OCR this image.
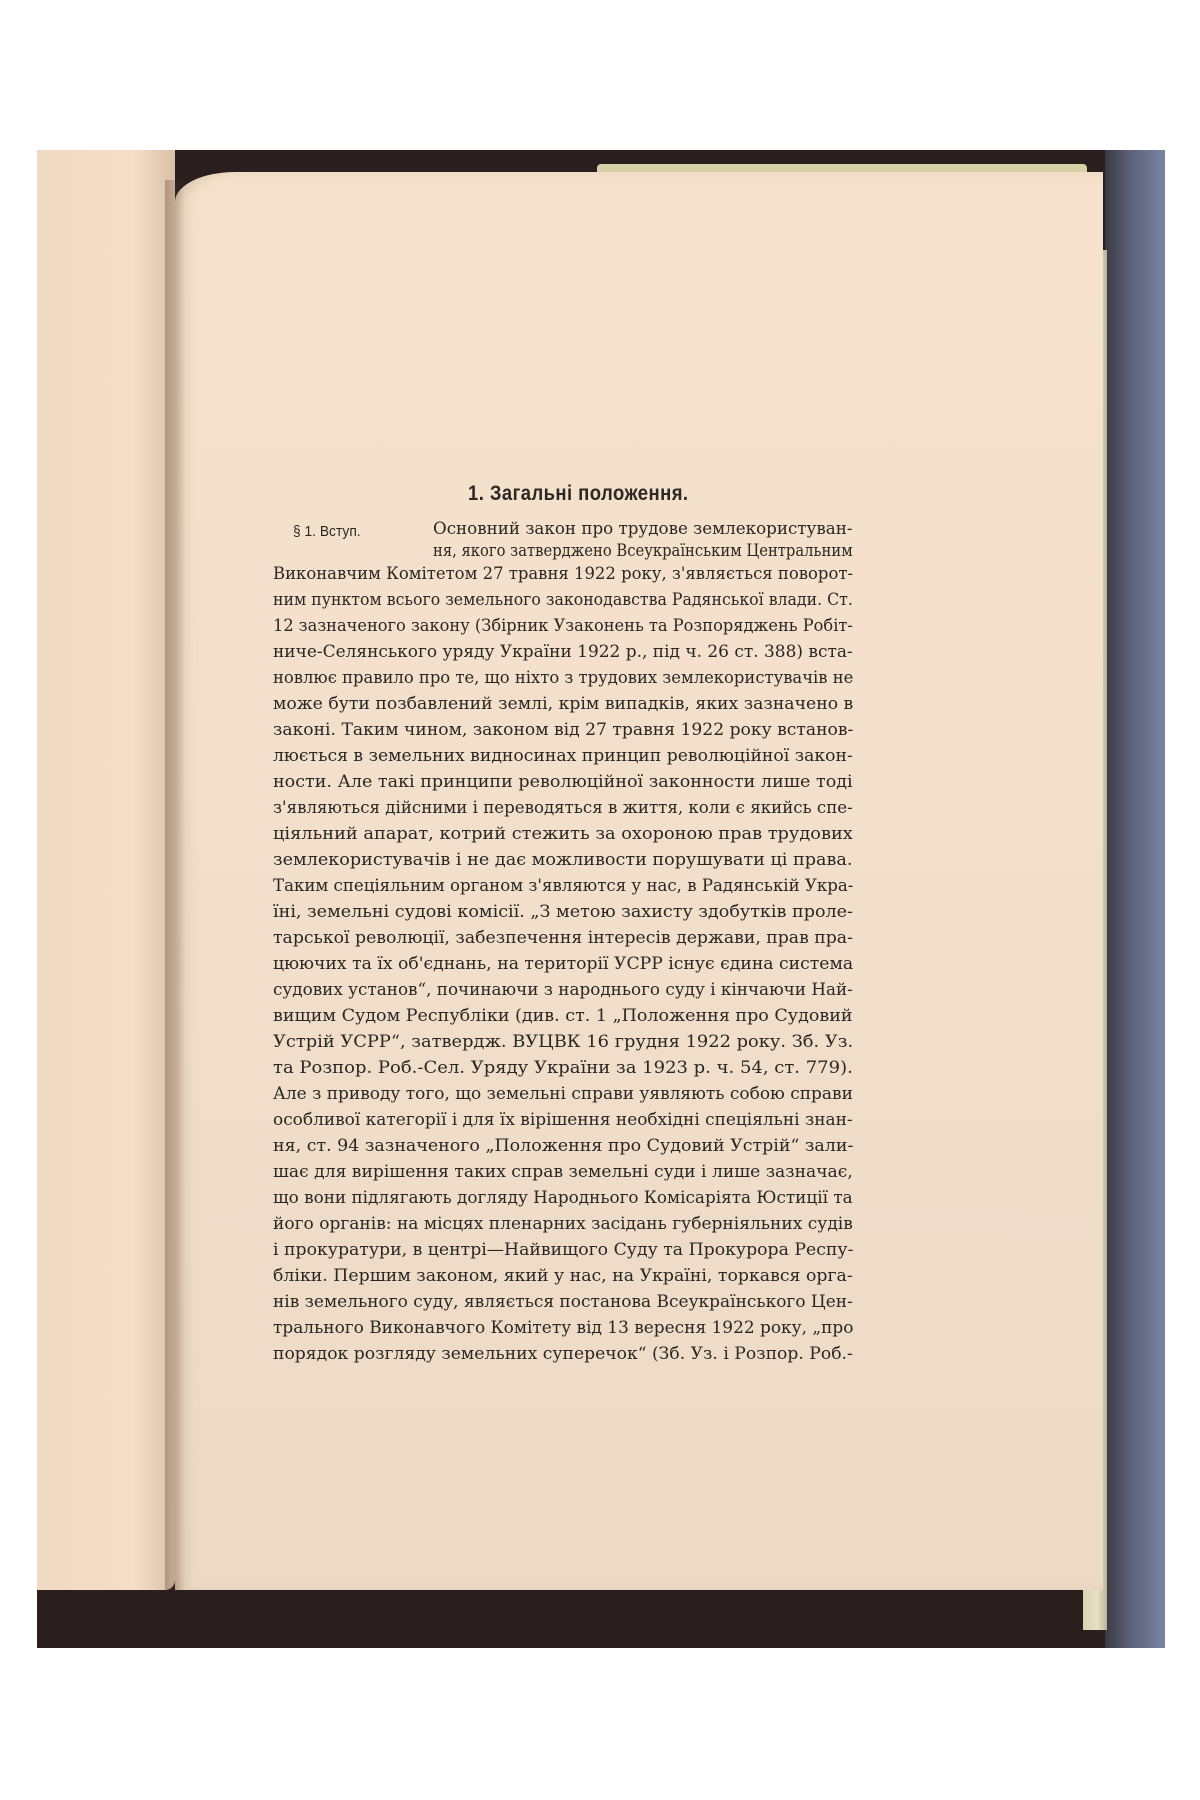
1. Загальні положення.
§ 1. Вступ.	Основний закон про трудове землекористуван-
ня, якого затверджено Всеукраїнським Центральним
Виконавчим Комітетом 27 травня 1922 року, з'являється поворот-
ним пунктом всього земельного законодавства Радянської влади. Ст.
12 зазначеного закону (Збірник Узаконень та Розпоряджень Робіт-
ниче-Селянського уряду України 1922 р., під ч. 26 ст. 388) вста-
новлює правило про те, що ніхто з трудових землекористувачів не
може бути позбавлений землі, крім випадків, яких зазначено в
законі. Таким чином, законом від 27 травня 1922 року встанов-
люється в земельних видносинах принцип революційної закон-
ности. Але такі принципи революційної законности лише тоді
з'являються дійсними і переводяться в життя, коли є якийсь спе-
ціяльний апарат, котрий стежить за охороною прав трудових
землекористувачів і не дає можливости порушувати ці права.
Таким спеціяльним органом з'являются у нас, в Радянській Укра-
їні, земельні судові комісії. „З метою захисту здобутків проле-
тарської революції, забезпечення інтересів держави, прав пра-
цюючих та їх об'єднань, на території УСРР існує єдина система
судових установ“, починаючи з народнього суду і кінчаючи Най-
вищим Судом Республіки (див. ст. 1 „Положення про Судовий
Устрій УСРР“, затвердж. ВУЦВК 16 грудня 1922 року. Зб. Уз.
та Розпор. Роб.-Сел. Уряду України за 1923 р. ч. 54, ст. 779).
Але з приводу того, що земельні справи уявляють собою справи
особливої категорії і для їх вірішення необхідні спеціяльні знан-
ня, ст. 94 зазначеного „Положення про Судовий Устрій“ зали-
шає для вирішення таких справ земельні суди і лише зазначає,
що вони підлягають догляду Народнього Комісаріята Юстиції та
його органів: на місцях пленарних засідань губерніяльних судів
і прокуратури, в центрі—Найвищого Суду та Прокурора Респу-
бліки. Першим законом, який у нас, на Україні, торкався орга-
нів земельного суду, являється постанова Всеукраїнського Цен-
трального Виконавчого Комітету від 13 вересня 1922 року, „про
порядок розгляду земельних суперечок“ (Зб. Уз. і Розпор. Роб.-
